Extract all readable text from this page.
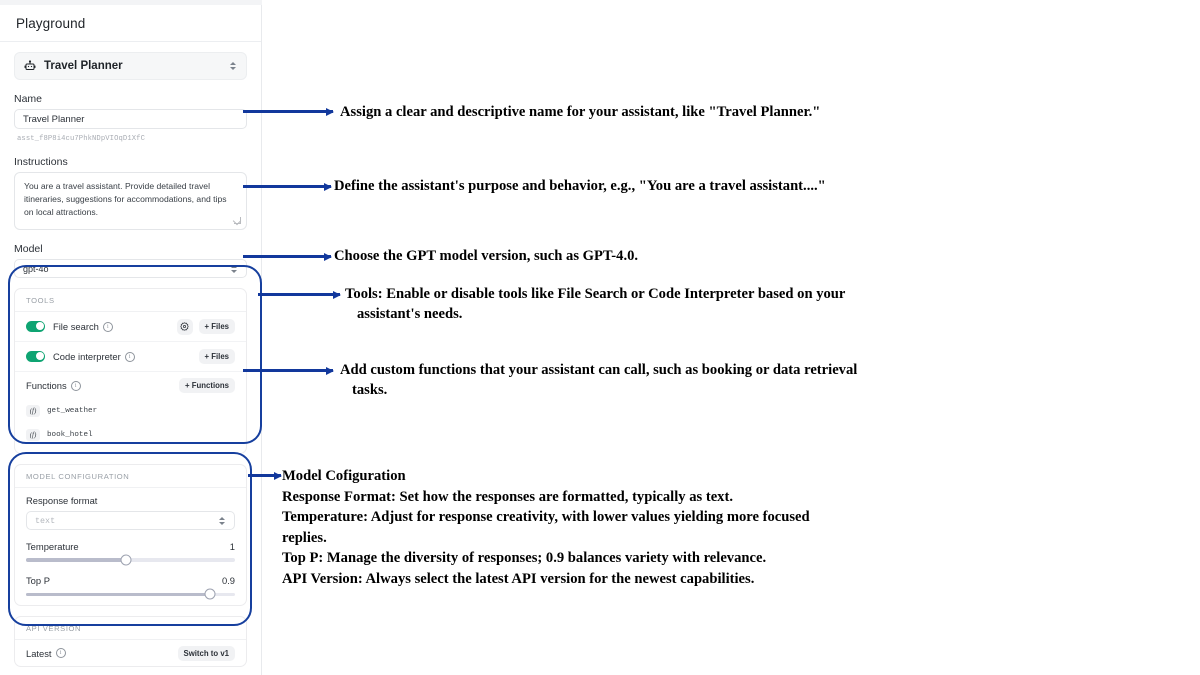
Playground
Travel Planner
Name
Travel Planner
asst_f8P8i4cu7PhkNDpVIOqD1XfC
Instructions

You are a travel assistant. Provide detailed travel itineraries, suggestions for accommodations, and tips on local attractions.

Model
gpt-4o
TOOLS
File search	i	+ Files
Code interpreter	i	+ Files
Functions	i	+ Functions
(f)	get_weather
(f)	book_hotel
MODEL CONFIGURATION
Response format
text
Temperature	1
Top P	0.9
API VERSION
Latest	i	Switch to v1
Assign a clear and descriptive name for your assistant, like "Travel Planner."
Define the assistant's purpose and behavior, e.g., "You are a travel assistant...."
Choose the GPT model version, such as GPT-4.0.
Tools: Enable or disable tools like File Search or Code Interpreter based on your
assistant's needs.
Add custom functions that your assistant can call, such as booking or data retrieval
tasks.
Model Cofiguration
Response Format: Set how the responses are formatted, typically as text.
Temperature: Adjust for response creativity, with lower values yielding more focused
replies.
Top P: Manage the diversity of responses; 0.9 balances variety with relevance.
API Version: Always select the latest API version for the newest capabilities.
